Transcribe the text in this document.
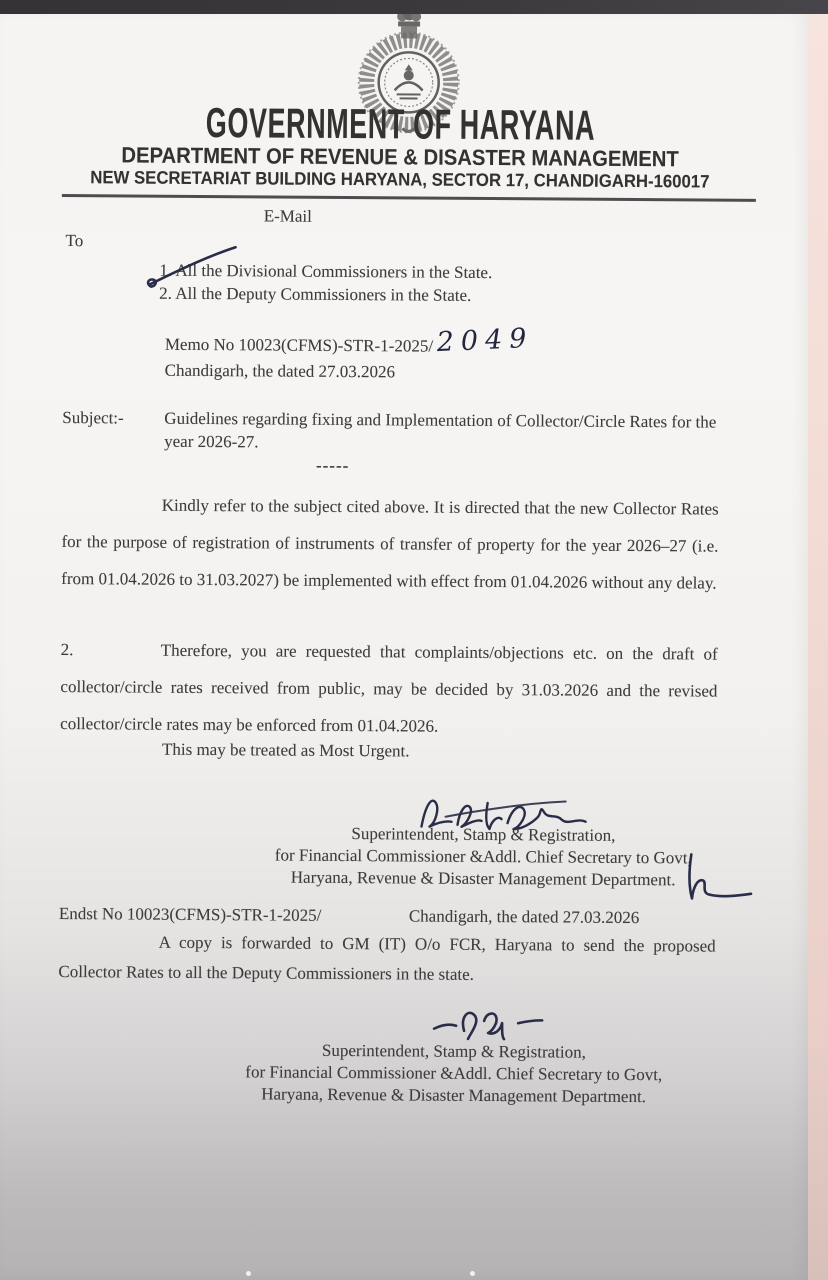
GOVERNMENT OF HARYANA
DEPARTMENT OF REVENUE & DISASTER MANAGEMENT
NEW SECRETARIAT BUILDING HARYANA, SECTOR 17, CHANDIGARH-160017
E-Mail
To
1. All the Divisional Commissioners in the State.
2. All the Deputy Commissioners in the State.
Memo No 10023(CFMS)-STR-1-2025/ 2049
Chandigarh, the dated 27.03.2026
Subject:- Guidelines regarding fixing and Implementation of Collector/Circle Rates for the year 2026-27.
-----
Kindly refer to the subject cited above. It is directed that the new Collector Rates for the purpose of registration of instruments of transfer of property for the year 2026–27 (i.e. from 01.04.2026 to 31.03.2027) be implemented with effect from 01.04.2026 without any delay.
2.	Therefore, you are requested that complaints/objections etc. on the draft of collector/circle rates received from public, may be decided by 31.03.2026 and the revised collector/circle rates may be enforced from 01.04.2026.
This may be treated as Most Urgent.
Superintendent, Stamp & Registration,
for Financial Commissioner &Addl. Chief Secretary to Govt,
Haryana, Revenue & Disaster Management Department.
Endst No 10023(CFMS)-STR-1-2025/	Chandigarh, the dated 27.03.2026
A copy is forwarded to GM (IT) O/o FCR, Haryana to send the proposed Collector Rates to all the Deputy Commissioners in the state.
Superintendent, Stamp & Registration,
for Financial Commissioner &Addl. Chief Secretary to Govt,
Haryana, Revenue & Disaster Management Department.
